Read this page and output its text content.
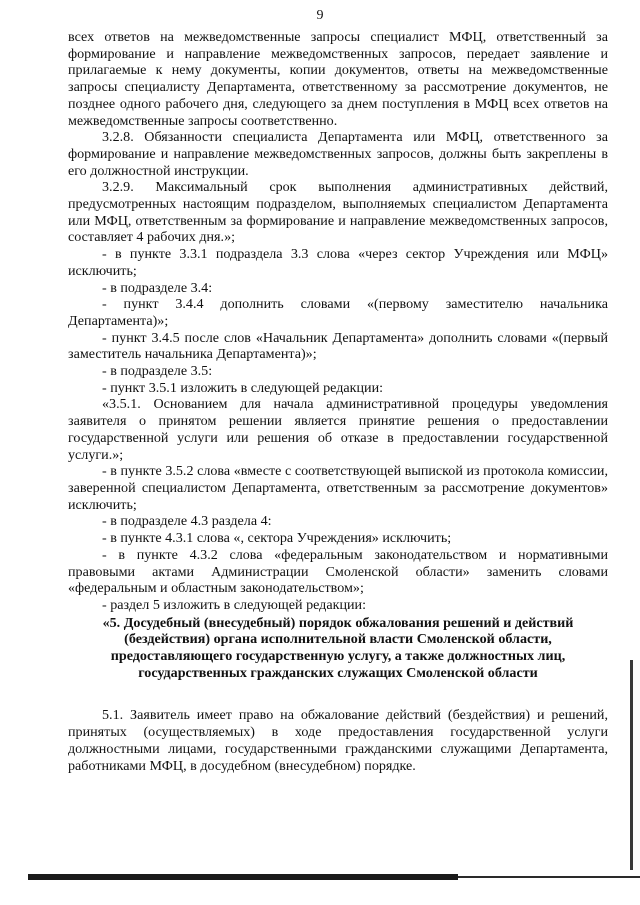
9

всех ответов на межведомственные запросы специалист МФЦ, ответственный за формирование и направление межведомственных запросов, передает заявление и прилагаемые к нему документы, копии документов, ответы на межведомственные запросы специалисту Департамента, ответственному за рассмотрение документов, не позднее одного рабочего дня, следующего за днем поступления в МФЦ всех ответов на межведомственные запросы соответственно.

3.2.8. Обязанности специалиста Департамента или МФЦ, ответственного за формирование и направление межведомственных запросов, должны быть закреплены в его должностной инструкции.

3.2.9. Максимальный срок выполнения административных действий, предусмотренных настоящим подразделом, выполняемых специалистом Департамента или МФЦ, ответственным за формирование и направление межведомственных запросов, составляет 4 рабочих дня.»;

- в пункте 3.3.1 подраздела 3.3 слова «через сектор Учреждения или МФЦ» исключить;

- в подразделе 3.4:

- пункт 3.4.4 дополнить словами «(первому заместителю начальника Департамента)»;

- пункт 3.4.5 после слов «Начальник Департамента» дополнить словами «(первый заместитель начальника Департамента)»;

- в подразделе 3.5:

- пункт 3.5.1 изложить в следующей редакции:

«3.5.1. Основанием для начала административной процедуры уведомления заявителя о принятом решении является принятие решения о предоставлении государственной услуги или решения об отказе в предоставлении государственной услуги.»;

- в пункте 3.5.2 слова «вместе с соответствующей выпиской из протокола комиссии, заверенной специалистом Департамента, ответственным за рассмотрение документов» исключить;

- в подразделе 4.3 раздела 4:

- в пункте 4.3.1 слова «, сектора Учреждения» исключить;

- в пункте 4.3.2 слова «федеральным законодательством и нормативными правовыми актами Администрации Смоленской области» заменить словами «федеральным и областным законодательством»;

- раздел 5 изложить в следующей редакции:

«5. Досудебный (внесудебный) порядок обжалования решений и действий
(бездействия) органа исполнительной власти Смоленской области,
предоставляющего государственную услугу, а также должностных лиц,
государственных гражданских служащих Смоленской области

5.1. Заявитель имеет право на обжалование действий (бездействия) и решений, принятых (осуществляемых) в ходе предоставления государственной услуги должностными лицами, государственными гражданскими служащими Департамента, работниками МФЦ, в досудебном (внесудебном) порядке.
